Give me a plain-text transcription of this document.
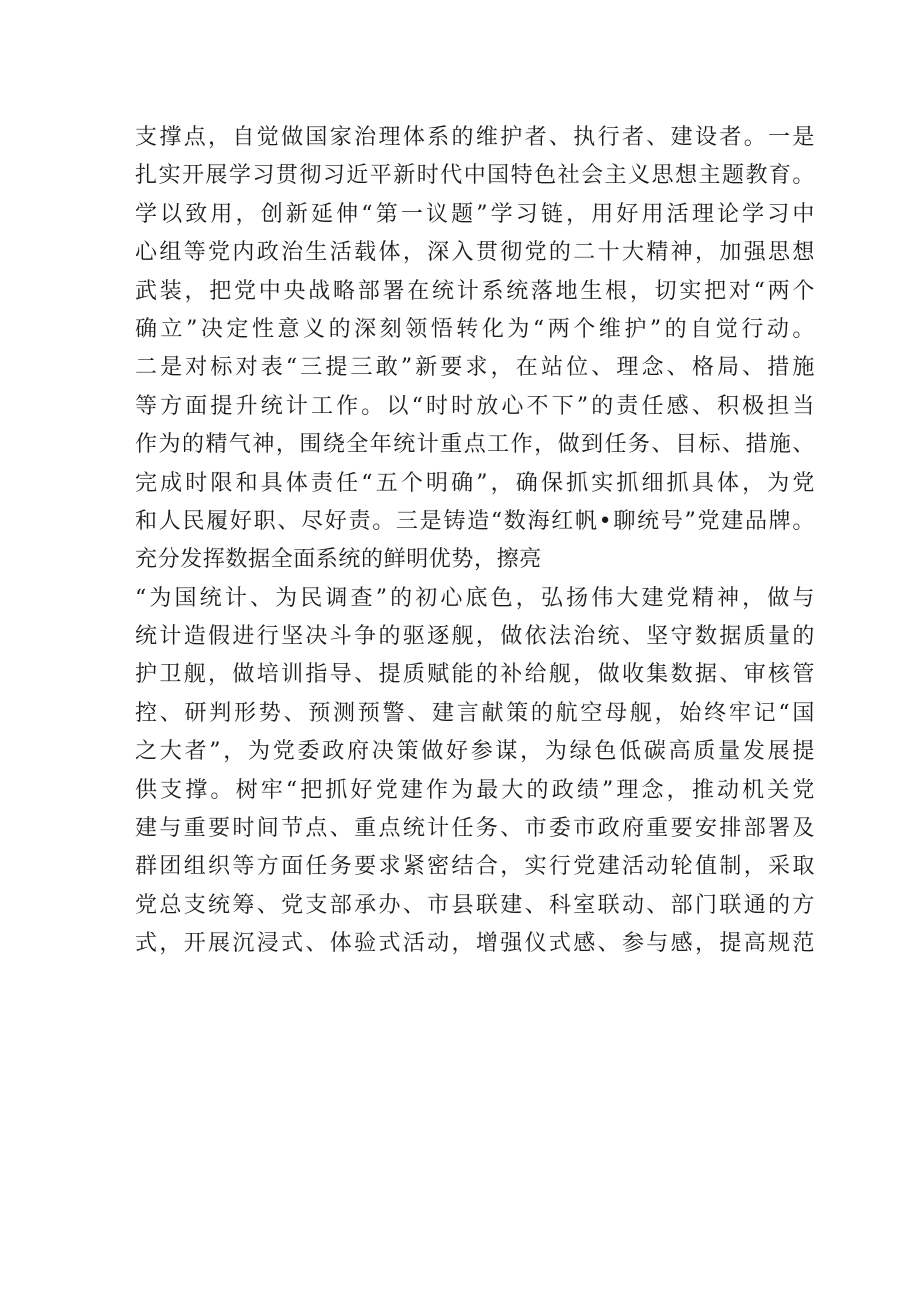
支撑点，自觉做国家治理体系的维护者、执行者、建设者。一是
扎实开展学习贯彻习近平新时代中国特色社会主义思想主题教育。
学以致用，创新延伸“第一议题”学习链，用好用活理论学习中
心组等党内政治生活载体，深入贯彻党的二十大精神，加强思想
武装，把党中央战略部署在统计系统落地生根，切实把对“两个
确立”决定性意义的深刻领悟转化为“两个维护”的自觉行动。
二是对标对表“三提三敢”新要求，在站位、理念、格局、措施
等方面提升统计工作。以“时时放心不下”的责任感、积极担当
作为的精气神，围绕全年统计重点工作，做到任务、目标、措施、
完成时限和具体责任“五个明确”，确保抓实抓细抓具体，为党
和人民履好职、尽好责。三是铸造“数海红帆•聊统号”党建品牌。
充分发挥数据全面系统的鲜明优势，擦亮
“为国统计、为民调查”的初心底色，弘扬伟大建党精神，做与
统计造假进行坚决斗争的驱逐舰，做依法治统、坚守数据质量的
护卫舰，做培训指导、提质赋能的补给舰，做收集数据、审核管
控、研判形势、预测预警、建言献策的航空母舰，始终牢记“国
之大者”，为党委政府决策做好参谋，为绿色低碳高质量发展提
供支撑。树牢“把抓好党建作为最大的政绩”理念，推动机关党
建与重要时间节点、重点统计任务、市委市政府重要安排部署及
群团组织等方面任务要求紧密结合，实行党建活动轮值制，采取
党总支统筹、党支部承办、市县联建、科室联动、部门联通的方
式，开展沉浸式、体验式活动，增强仪式感、参与感，提高规范
